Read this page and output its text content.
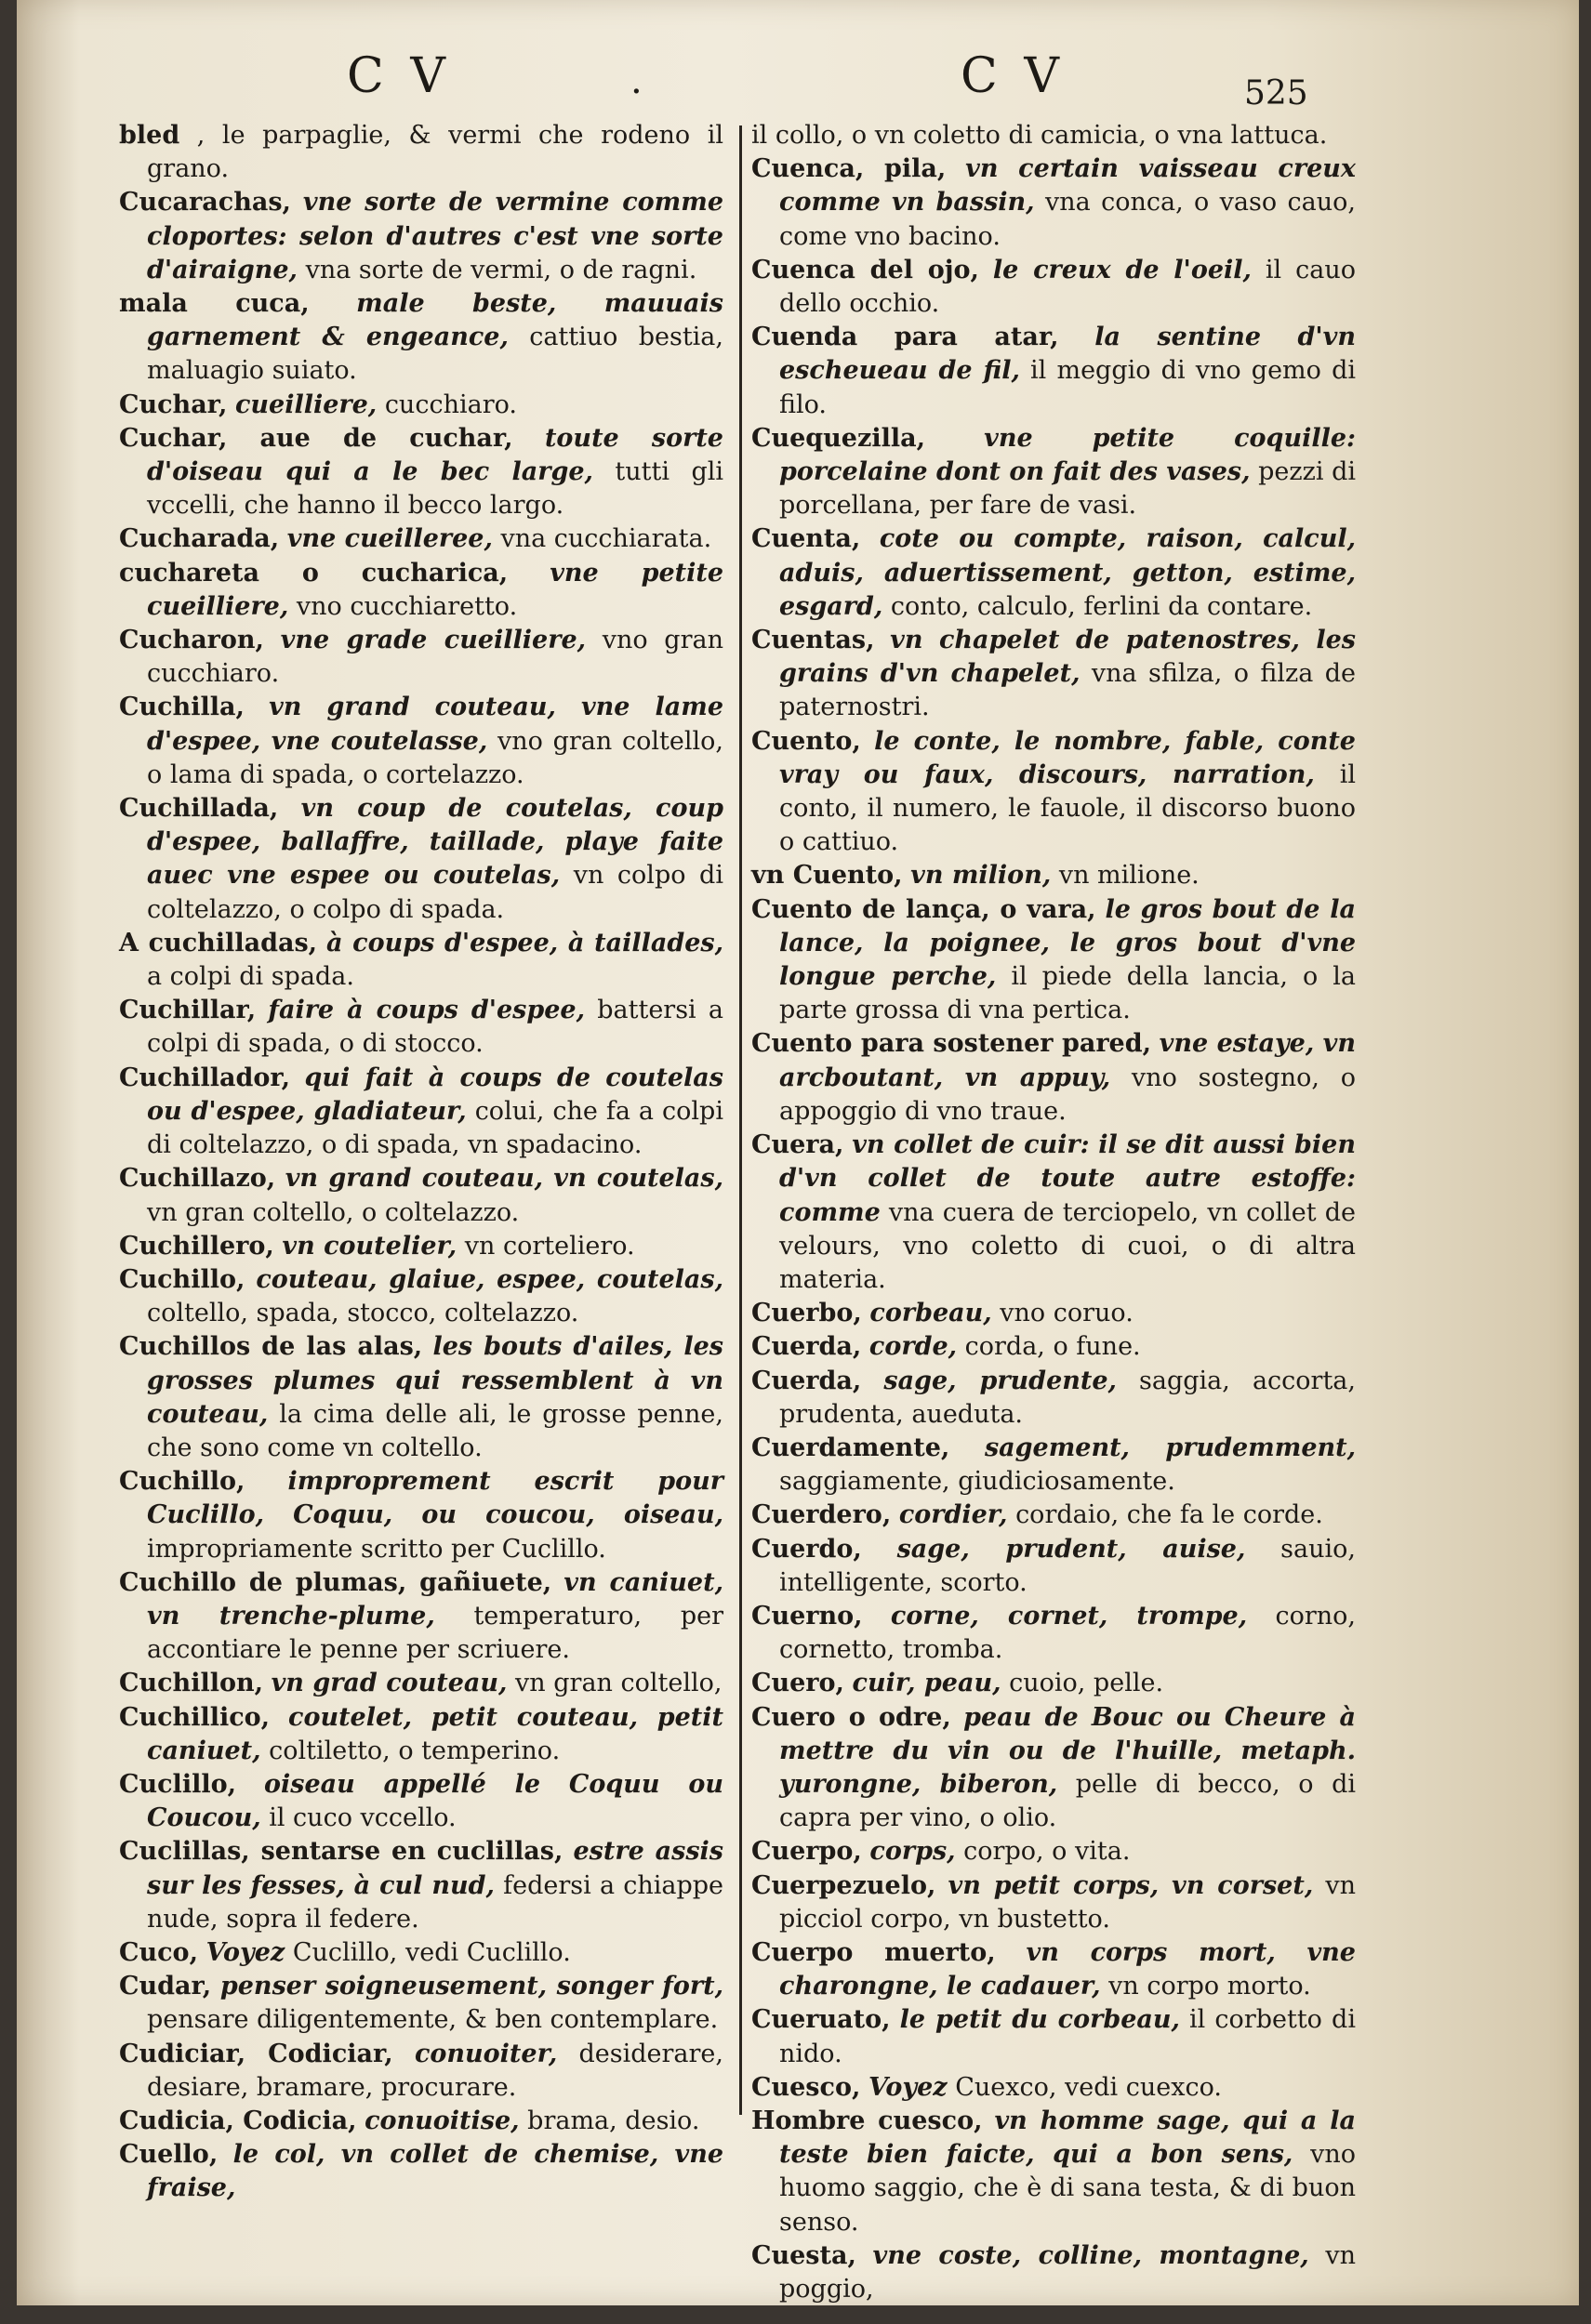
C V	.	C V	525

bled , le parpaglie, & vermi che rodeno il grano.

Cucarachas, vne sorte de vermine comme cloportes: selon d'autres c'est vne sorte d'airaigne, vna sorte de vermi, o de ragni.

mala cuca, male beste, mauuais garnement & engeance, cattiuo bestia, maluagio suiato.

Cuchar, cueilliere, cucchiaro.

Cuchar, aue de cuchar, toute sorte d'oiseau qui a le bec large, tutti gli vccelli, che hanno il becco largo.

Cucharada, vne cueilleree, vna cucchiarata.

cuchareta o cucharica, vne petite cueilliere, vno cucchiaretto.

Cucharon, vne grade cueilliere, vno gran cucchiaro.

Cuchilla, vn grand couteau, vne lame d'espee, vne coutelasse, vno gran coltello, o lama di spada, o cortelazzo.

Cuchillada, vn coup de coutelas, coup d'espee, ballaffre, taillade, playe faite auec vne espee ou coutelas, vn colpo di coltelazzo, o colpo di spada.

A cuchilladas, à coups d'espee, à taillades, a colpi di spada.

Cuchillar, faire à coups d'espee, battersi a colpi di spada, o di stocco.

Cuchillador, qui fait à coups de coutelas ou d'espee, gladiateur, colui, che fa a colpi di coltelazzo, o di spada, vn spadacino.

Cuchillazo, vn grand couteau, vn coutelas, vn gran coltello, o coltelazzo.

Cuchillero, vn coutelier, vn corteliero.

Cuchillo, couteau, glaiue, espee, coutelas, coltello, spada, stocco, coltelazzo.

Cuchillos de las alas, les bouts d'ailes, les grosses plumes qui ressemblent à vn couteau, la cima delle ali, le grosse penne, che sono come vn coltello.

Cuchillo, improprement escrit pour Cuclillo, Coquu, ou coucou, oiseau, impropriamente scritto per Cuclillo.

Cuchillo de plumas, gañiuete, vn caniuet, vn trenche-plume, temperaturo, per accontiare le penne per scriuere.

Cuchillon, vn grad couteau, vn gran coltello,

Cuchillico, coutelet, petit couteau, petit caniuet, coltiletto, o temperino.

Cuclillo, oiseau appellé le Coquu ou Coucou, il cuco vccello.

Cuclillas, sentarse en cuclillas, estre assis sur les fesses, à cul nud, federsi a chiappe nude, sopra il federe.

Cuco, Voyez Cuclillo, vedi Cuclillo.

Cudar, penser soigneusement, songer fort, pensare diligentemente, & ben contemplare.

Cudiciar, Codiciar, conuoiter, desiderare, desiare, bramare, procurare.

Cudicia, Codicia, conuoitise, brama, desio.

Cuello, le col, vn collet de chemise, vne fraise,

il collo, o vn coletto di camicia, o vna lattuca.

Cuenca, pila, vn certain vaisseau creux comme vn bassin, vna conca, o vaso cauo, come vno bacino.

Cuenca del ojo, le creux de l'oeil, il cauo dello occhio.

Cuenda para atar, la sentine d'vn escheueau de fil, il meggio di vno gemo di filo.

Cuequezilla, vne petite coquille: porcelaine dont on fait des vases, pezzi di porcellana, per fare de vasi.

Cuenta, cote ou compte, raison, calcul, aduis, aduertissement, getton, estime, esgard, conto, calculo, ferlini da contare.

Cuentas, vn chapelet de patenostres, les grains d'vn chapelet, vna sfilza, o filza de paternostri.

Cuento, le conte, le nombre, fable, conte vray ou faux, discours, narration, il conto, il numero, le fauole, il discorso buono o cattiuo.

vn Cuento, vn milion, vn milione.

Cuento de lança, o vara, le gros bout de la lance, la poignee, le gros bout d'vne longue perche, il piede della lancia, o la parte grossa di vna pertica.

Cuento para sostener pared, vne estaye, vn arcboutant, vn appuy, vno sostegno, o appoggio di vno traue.

Cuera, vn collet de cuir: il se dit aussi bien d'vn collet de toute autre estoffe: comme vna cuera de terciopelo, vn collet de velours, vno coletto di cuoi, o di altra materia.

Cuerbo, corbeau, vno coruo.

Cuerda, corde, corda, o fune.

Cuerda, sage, prudente, saggia, accorta, prudenta, aueduta.

Cuerdamente, sagement, prudemment, saggiamente, giudiciosamente.

Cuerdero, cordier, cordaio, che fa le corde.

Cuerdo, sage, prudent, auise, sauio, intelligente, scorto.

Cuerno, corne, cornet, trompe, corno, cornetto, tromba.

Cuero, cuir, peau, cuoio, pelle.

Cuero o odre, peau de Bouc ou Cheure à mettre du vin ou de l'huille, metaph. yurongne, biberon, pelle di becco, o di capra per vino, o olio.

Cuerpo, corps, corpo, o vita.

Cuerpezuelo, vn petit corps, vn corset, vn picciol corpo, vn bustetto.

Cuerpo muerto, vn corps mort, vne charongne, le cadauer, vn corpo morto.

Cueruato, le petit du corbeau, il corbetto di nido.

Cuesco, Voyez Cuexco, vedi cuexco.

Hombre cuesco, vn homme sage, qui a la teste bien faicte, qui a bon sens, vno huomo saggio, che è di sana testa, & di buon senso.

Cuesta, vne coste, colline, montagne, vn poggio,
